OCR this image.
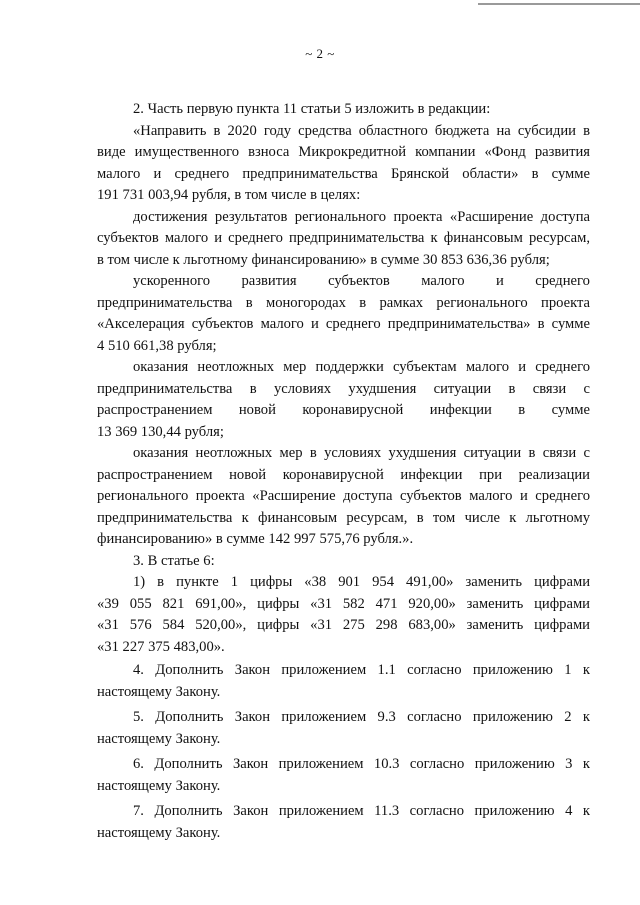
~ 2 ~

2. Часть первую пункта 11 статьи 5 изложить в редакции:

«Направить в 2020 году средства областного бюджета на субсидии в

виде имущественного взноса Микрокредитной компании «Фонд развития

малого и среднего предпринимательства Брянской области» в сумме

191 731 003,94 рубля, в том числе в целях:

достижения результатов регионального проекта «Расширение доступа

субъектов малого и среднего предпринимательства к финансовым ресурсам,

в том числе к льготному финансированию» в сумме 30 853 636,36 рубля;

ускоренного развития субъектов малого и среднего

предпринимательства в моногородах в рамках регионального проекта

«Акселерация субъектов малого и среднего предпринимательства» в сумме

4 510 661,38 рубля;

оказания неотложных мер поддержки субъектам малого и среднего

предпринимательства в условиях ухудшения ситуации в связи с

распространением новой коронавирусной инфекции в сумме

13 369 130,44 рубля;

оказания неотложных мер в условиях ухудшения ситуации в связи с

распространением новой коронавирусной инфекции при реализации

регионального проекта «Расширение доступа субъектов малого и среднего

предпринимательства к финансовым ресурсам, в том числе к льготному

финансированию» в сумме 142 997 575,76 рубля.».

3. В статье 6:

1) в пункте 1 цифры «38 901 954 491,00» заменить цифрами

«39 055 821 691,00», цифры «31 582 471 920,00» заменить цифрами

«31 576 584 520,00», цифры «31 275 298 683,00» заменить цифрами

«31 227 375 483,00».

4. Дополнить Закон приложением 1.1 согласно приложению 1 к

настоящему Закону.

5. Дополнить Закон приложением 9.3 согласно приложению 2 к

настоящему Закону.

6. Дополнить Закон приложением 10.3 согласно приложению 3 к

настоящему Закону.

7. Дополнить Закон приложением 11.3 согласно приложению 4 к

настоящему Закону.
